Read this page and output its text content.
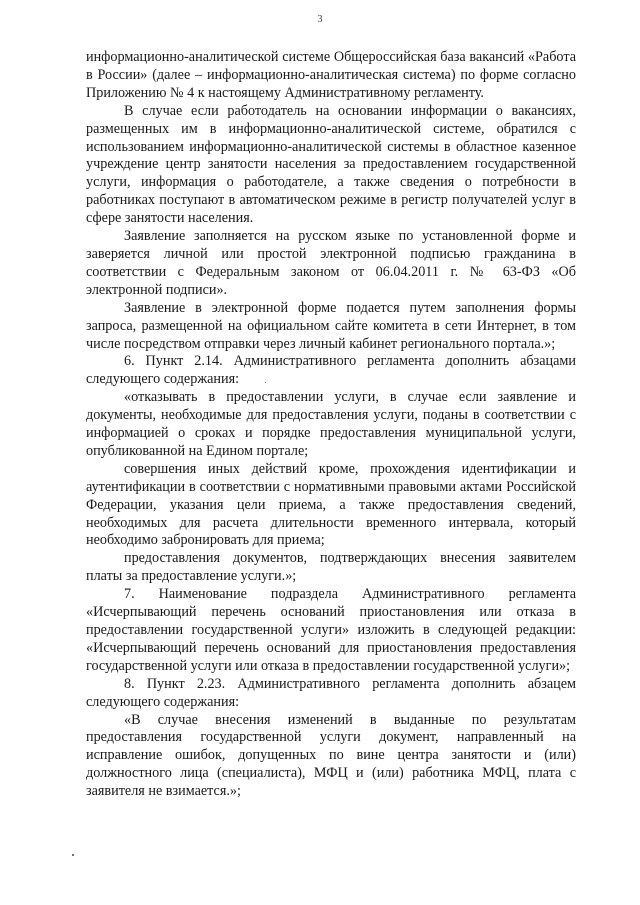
3

информационно-аналитической системе Общероссийская база вакансий «Работа в России» (далее – информационно-аналитическая система) по форме согласно Приложению № 4 к настоящему Административному регламенту.

В случае если работодатель на основании информации о вакансиях, размещенных им в информационно-аналитической системе, обратился с использованием информационно-аналитической системы в областное казенное учреждение центр занятости населения за предоставлением государственной услуги, информация о работодателе, а также сведения о потребности в работниках поступают в автоматическом режиме в регистр получателей услуг в сфере занятости населения.

Заявление заполняется на русском языке по установленной форме и заверяется личной или простой электронной подписью гражданина в соответствии с Федеральным законом от 06.04.2011 г. № 63-ФЗ «Об электронной подписи».

Заявление в электронной форме подается путем заполнения формы запроса, размещенной на официальном сайте комитета в сети Интернет, в том числе посредством отправки через личный кабинет регионального портала.»;

6. Пункт 2.14. Административного регламента дополнить абзацами следующего содержания:

«отказывать в предоставлении услуги, в случае если заявление и документы, необходимые для предоставления услуги, поданы в соответствии с информацией о сроках и порядке предоставления муниципальной услуги, опубликованной на Едином портале;

совершения иных действий кроме, прохождения идентификации и аутентификации в соответствии с нормативными правовыми актами Российской Федерации, указания цели приема, а также предоставления сведений, необходимых для расчета длительности временного интервала, который необходимо забронировать для приема;

предоставления документов, подтверждающих внесения заявителем платы за предоставление услуги.»;

7. Наименование подраздела Административного регламента «Исчерпывающий перечень оснований приостановления или отказа в предоставлении государственной услуги» изложить в следующей редакции: «Исчерпывающий перечень оснований для приостановления предоставления государственной услуги или отказа в предоставлении государственной услуги»;

8. Пункт 2.23. Административного регламента дополнить абзацем следующего содержания:

«В случае внесения изменений в выданные по результатам предоставления государственной услуги документ, направленный на исправление ошибок, допущенных по вине центра занятости и (или) должностного лица (специалиста), МФЦ и (или) работника МФЦ, плата с заявителя не взимается.»;
